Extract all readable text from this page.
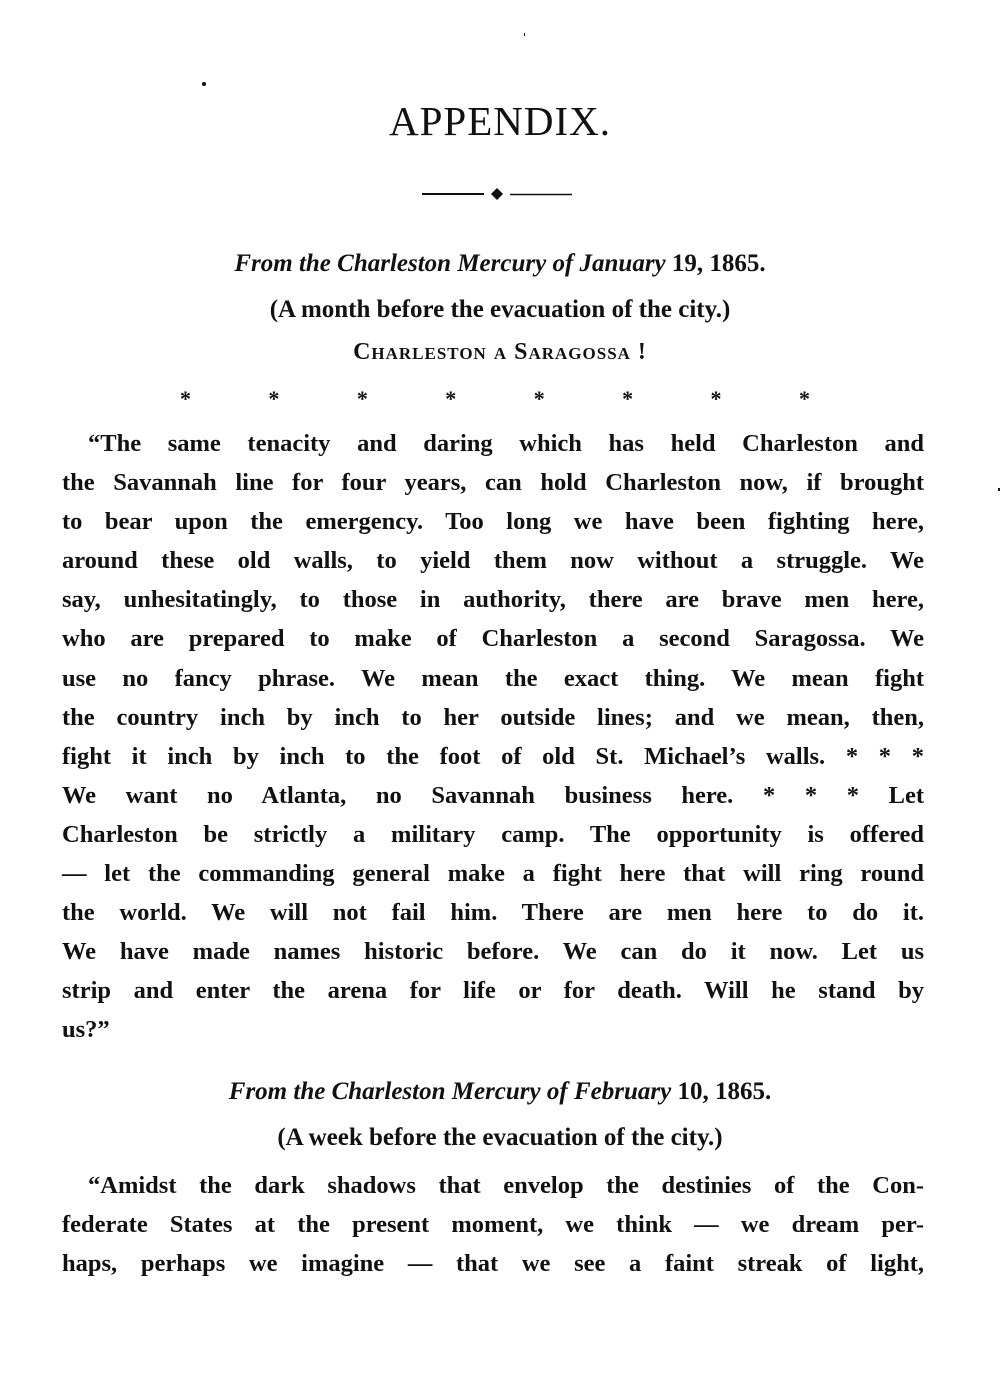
APPENDIX.
From the Charleston Mercury of January 19, 1865.
(A month before the evacuation of the city.)
Charleston a Saragossa !
*	*	*	*	*	*	*	*
“The same tenacity and daring which has held Charleston and
the Savannah line for four years, can hold Charleston now, if brought
to bear upon the emergency. Too long we have been fighting here,
around these old walls, to yield them now without a struggle. We
say, unhesitatingly, to those in authority, there are brave men here,
who are prepared to make of Charleston a second Saragossa. We
use no fancy phrase. We mean the exact thing. We mean fight
the country inch by inch to her outside lines; and we mean, then,
fight it inch by inch to the foot of old St. Michael’s walls. * * *
We want no Atlanta, no Savannah business here. * * * Let
Charleston be strictly a military camp. The opportunity is offered
— let the commanding general make a fight here that will ring round
the world. We will not fail him. There are men here to do it.
We have made names historic before. We can do it now. Let us
strip and enter the arena for life or for death. Will he stand by
us?”
From the Charleston Mercury of February 10, 1865.
(A week before the evacuation of the city.)
“Amidst the dark shadows that envelop the destinies of the Con-
federate States at the present moment, we think — we dream per-
haps, perhaps we imagine — that we see a faint streak of light,
